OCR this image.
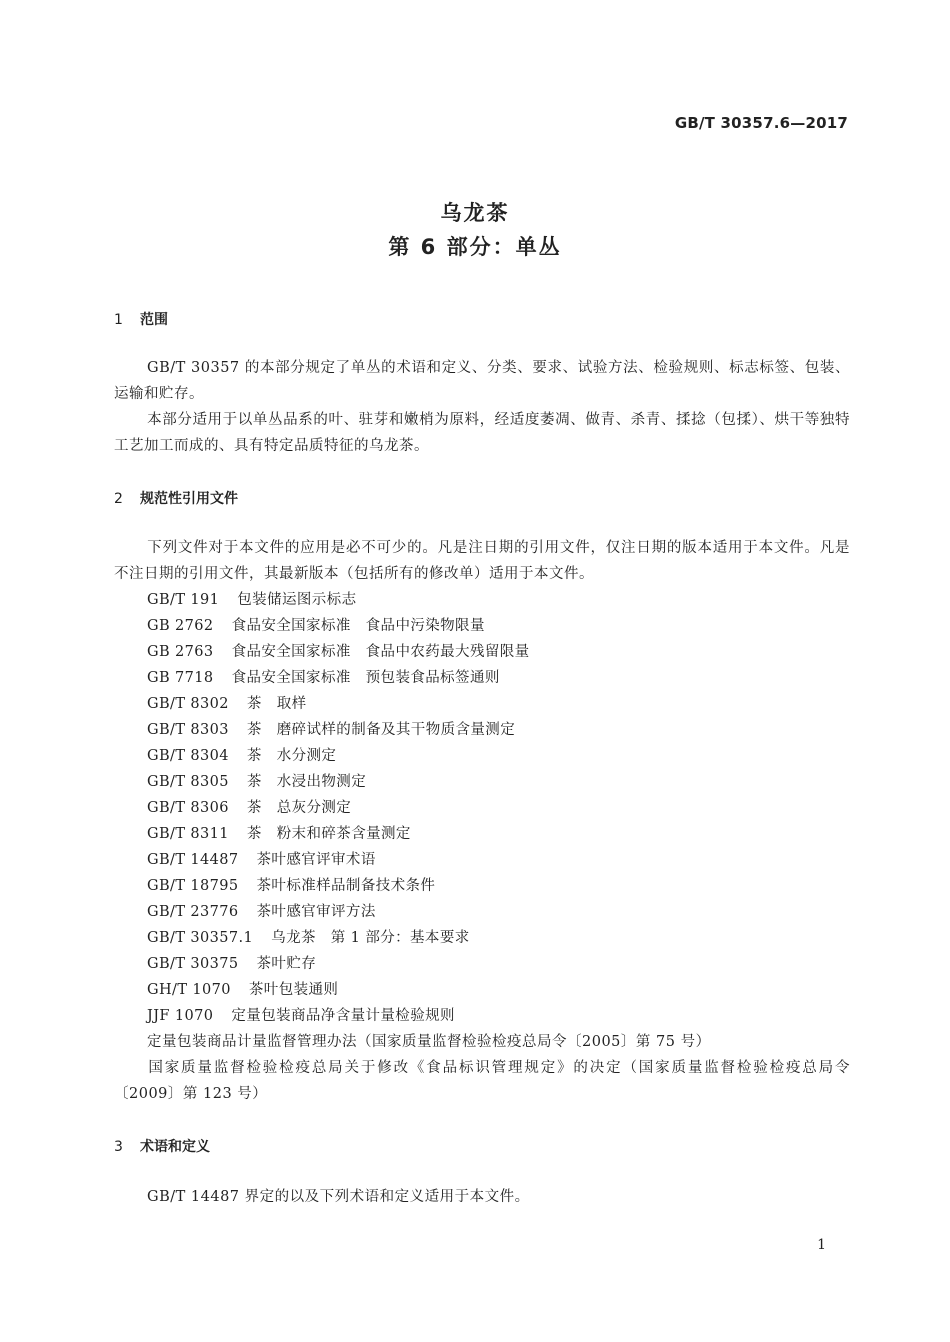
GB/T 30357.6—2017
乌龙茶
第 6 部分：单丛
1 范围
GB/T 30357 的本部分规定了单丛的术语和定义、分类、要求、试验方法、检验规则、标志标签、包装、运输和贮存。
本部分适用于以单丛品系的叶、驻芽和嫩梢为原料，经适度萎凋、做青、杀青、揉捻（包揉）、烘干等独特工艺加工而成的、具有特定品质特征的乌龙茶。
2 规范性引用文件
下列文件对于本文件的应用是必不可少的。凡是注日期的引用文件，仅注日期的版本适用于本文件。凡是不注日期的引用文件，其最新版本（包括所有的修改单）适用于本文件。
GB/T 191 包装储运图示标志
GB 2762 食品安全国家标准　食品中污染物限量
GB 2763 食品安全国家标准　食品中农药最大残留限量
GB 7718 食品安全国家标准　预包装食品标签通则
GB/T 8302 茶　取样
GB/T 8303 茶　磨碎试样的制备及其干物质含量测定
GB/T 8304 茶　水分测定
GB/T 8305 茶　水浸出物测定
GB/T 8306 茶　总灰分测定
GB/T 8311 茶　粉末和碎茶含量测定
GB/T 14487 茶叶感官评审术语
GB/T 18795 茶叶标准样品制备技术条件
GB/T 23776 茶叶感官审评方法
GB/T 30357.1 乌龙茶　第 1 部分：基本要求
GB/T 30375 茶叶贮存
GH/T 1070 茶叶包装通则
JJF 1070 定量包装商品净含量计量检验规则
定量包装商品计量监督管理办法（国家质量监督检验检疫总局令〔2005〕第 75 号）
国家质量监督检验检疫总局关于修改《食品标识管理规定》的决定（国家质量监督检验检疫总局令〔2009〕第 123 号）
3 术语和定义
GB/T 14487 界定的以及下列术语和定义适用于本文件。
1
